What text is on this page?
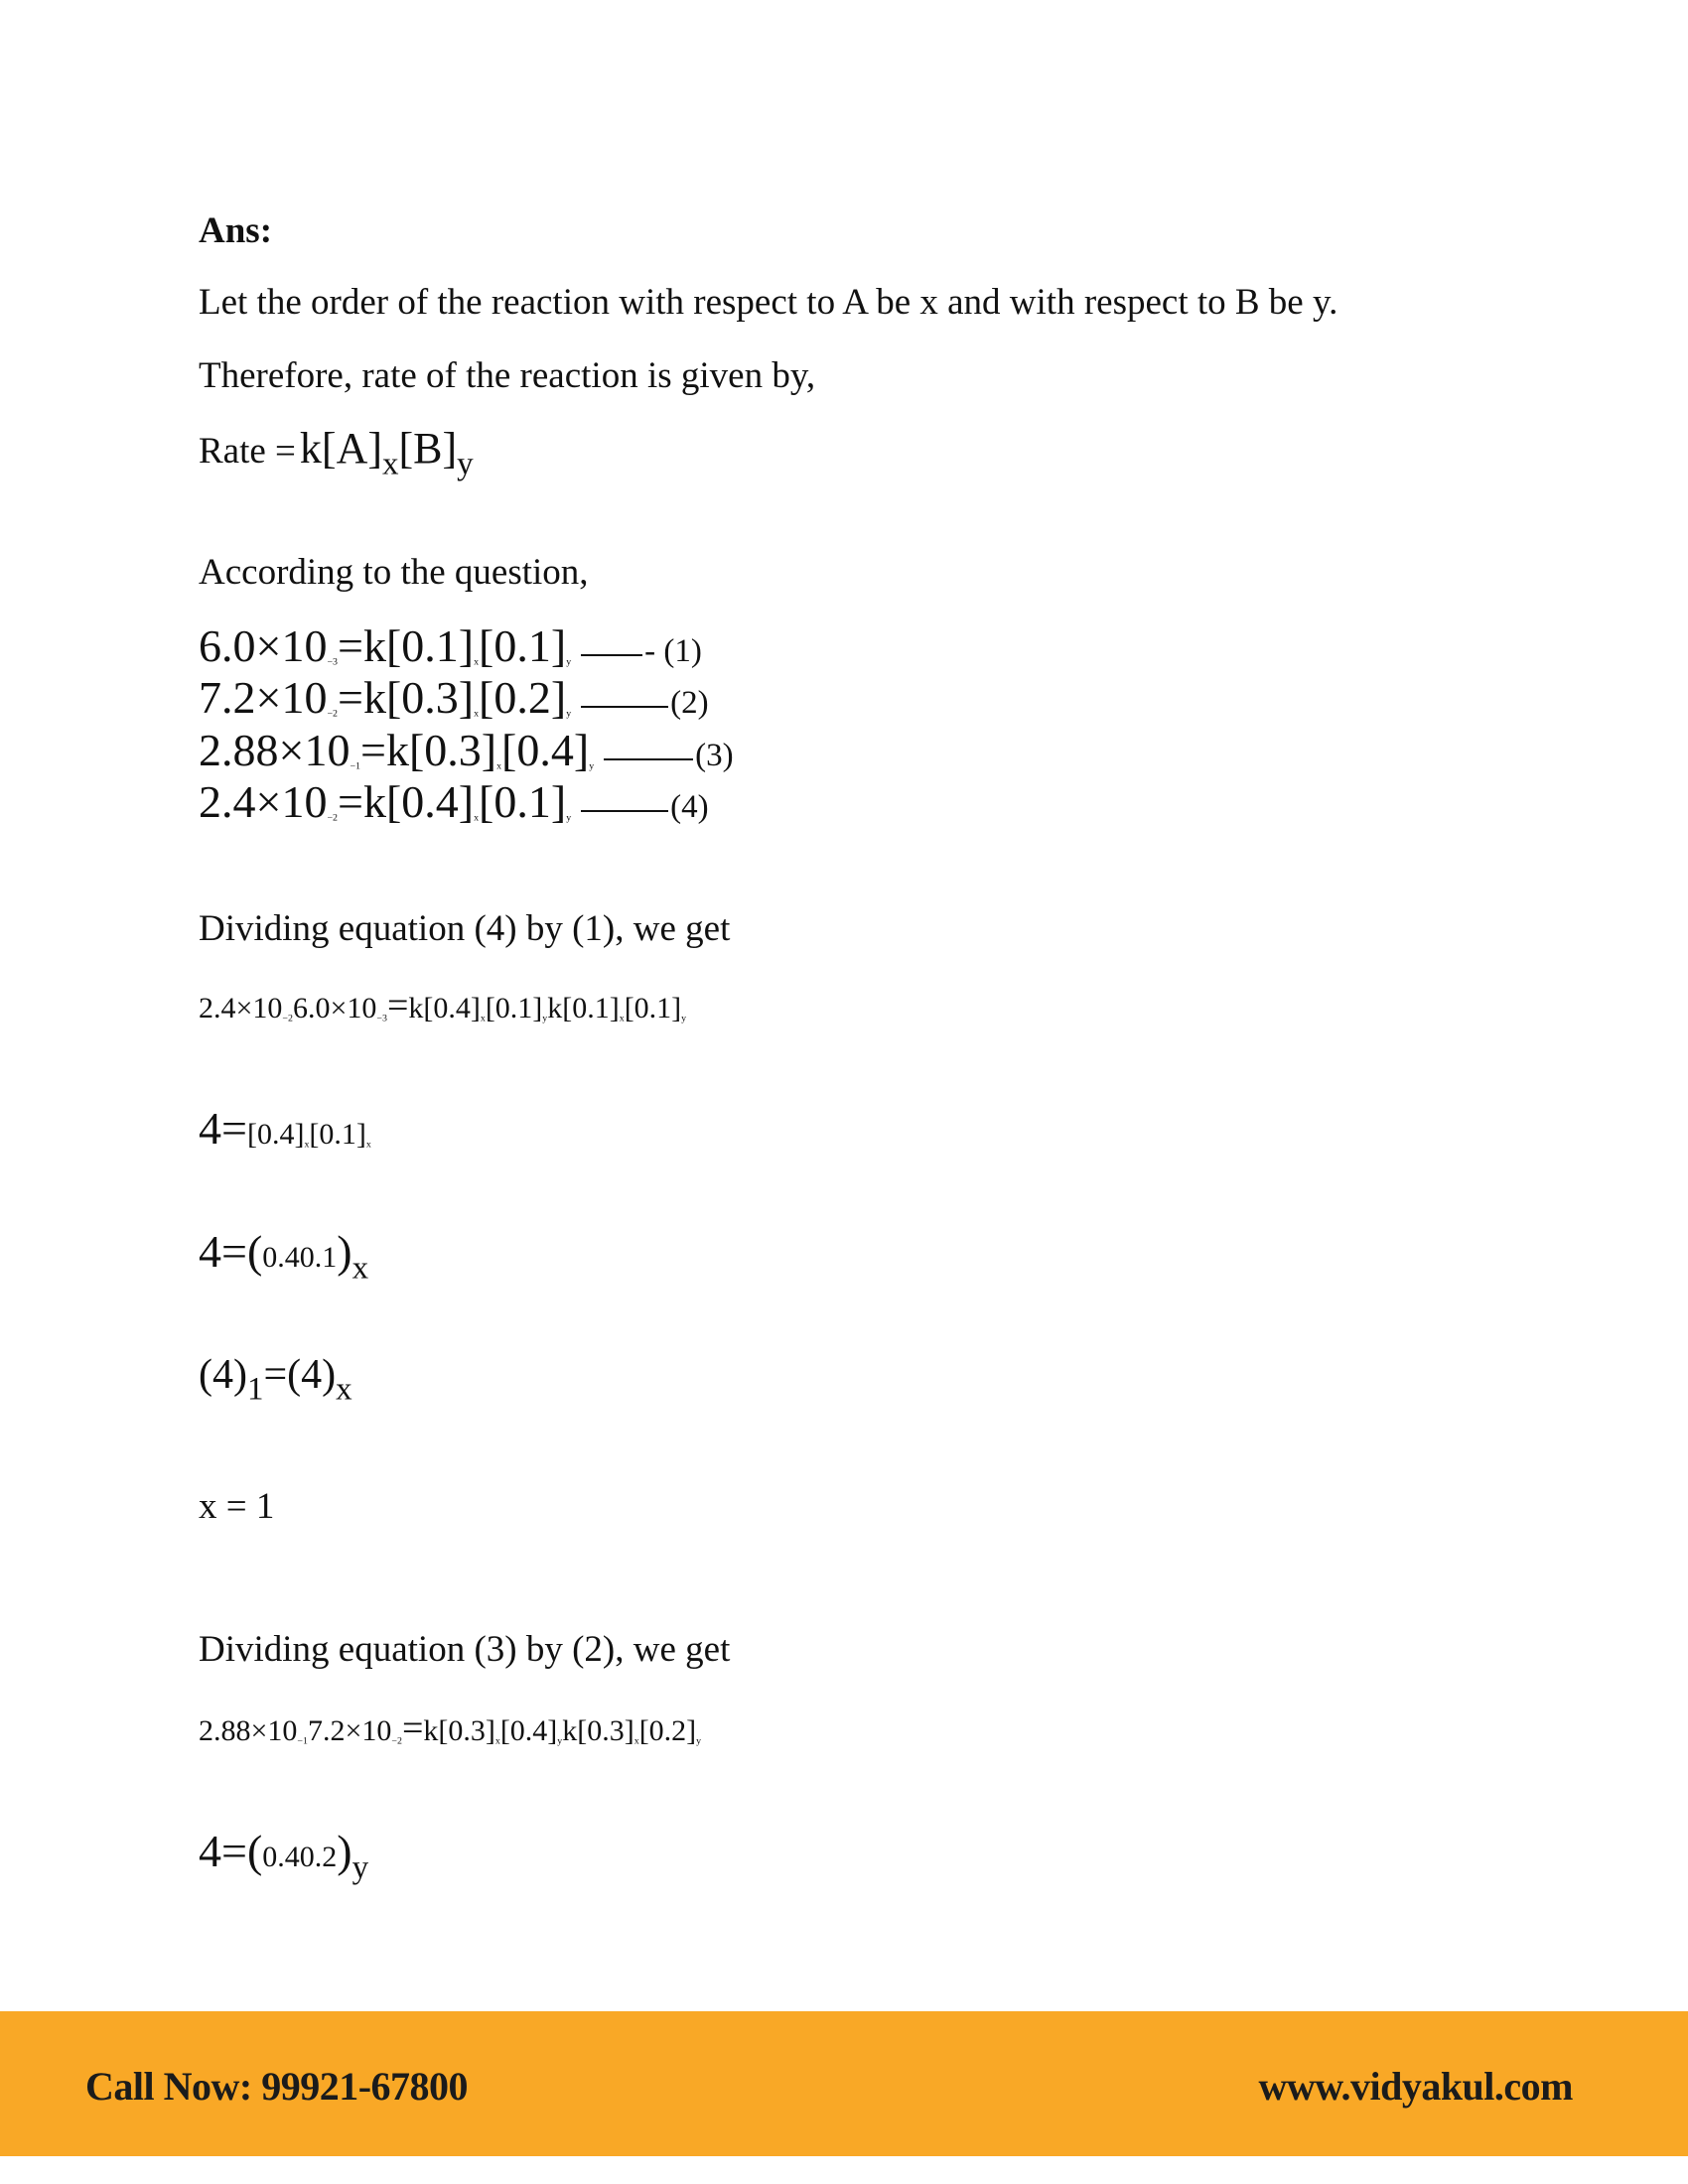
Ans:
Let the order of the reaction with respect to A be x and with respect to B be y.
Therefore, rate of the reaction is given by,
Rate = k[A]x[B]y
According to the question,
$6.0\times 10_{-3}=k[0.1]_x[0.1]_y - (1)$
$7.2\times 10_{-2}=k[0.3]_x[0.2]_y$	(2)
$2.88\times 10_{-1}=k[0.3]_x[0.4]_y$	(3)
$2.4\times 10_{-2}=k[0.4]_x[0.1]_y$	(4)
Dividing equation (4) by (1), we get
$2.4\times 10_{-2}6.0\times 10_{-3}=k[0.4]_x[0.1]_yk[0.1]_x[0.1]_y$
$4=[0.4]_x[0.1]_x$
4=(0.40.1)x
(4)1=(4)x
x = 1
Dividing equation (3) by (2), we get
$2.88\times 10_{-1}7.2\times 10_{-2}=k[0.3]_x[0.4]_yk[0.3]_x[0.2]_y$
4=(0.40.2)y
Call Now: 99921-67800	www.vidyakul.com
